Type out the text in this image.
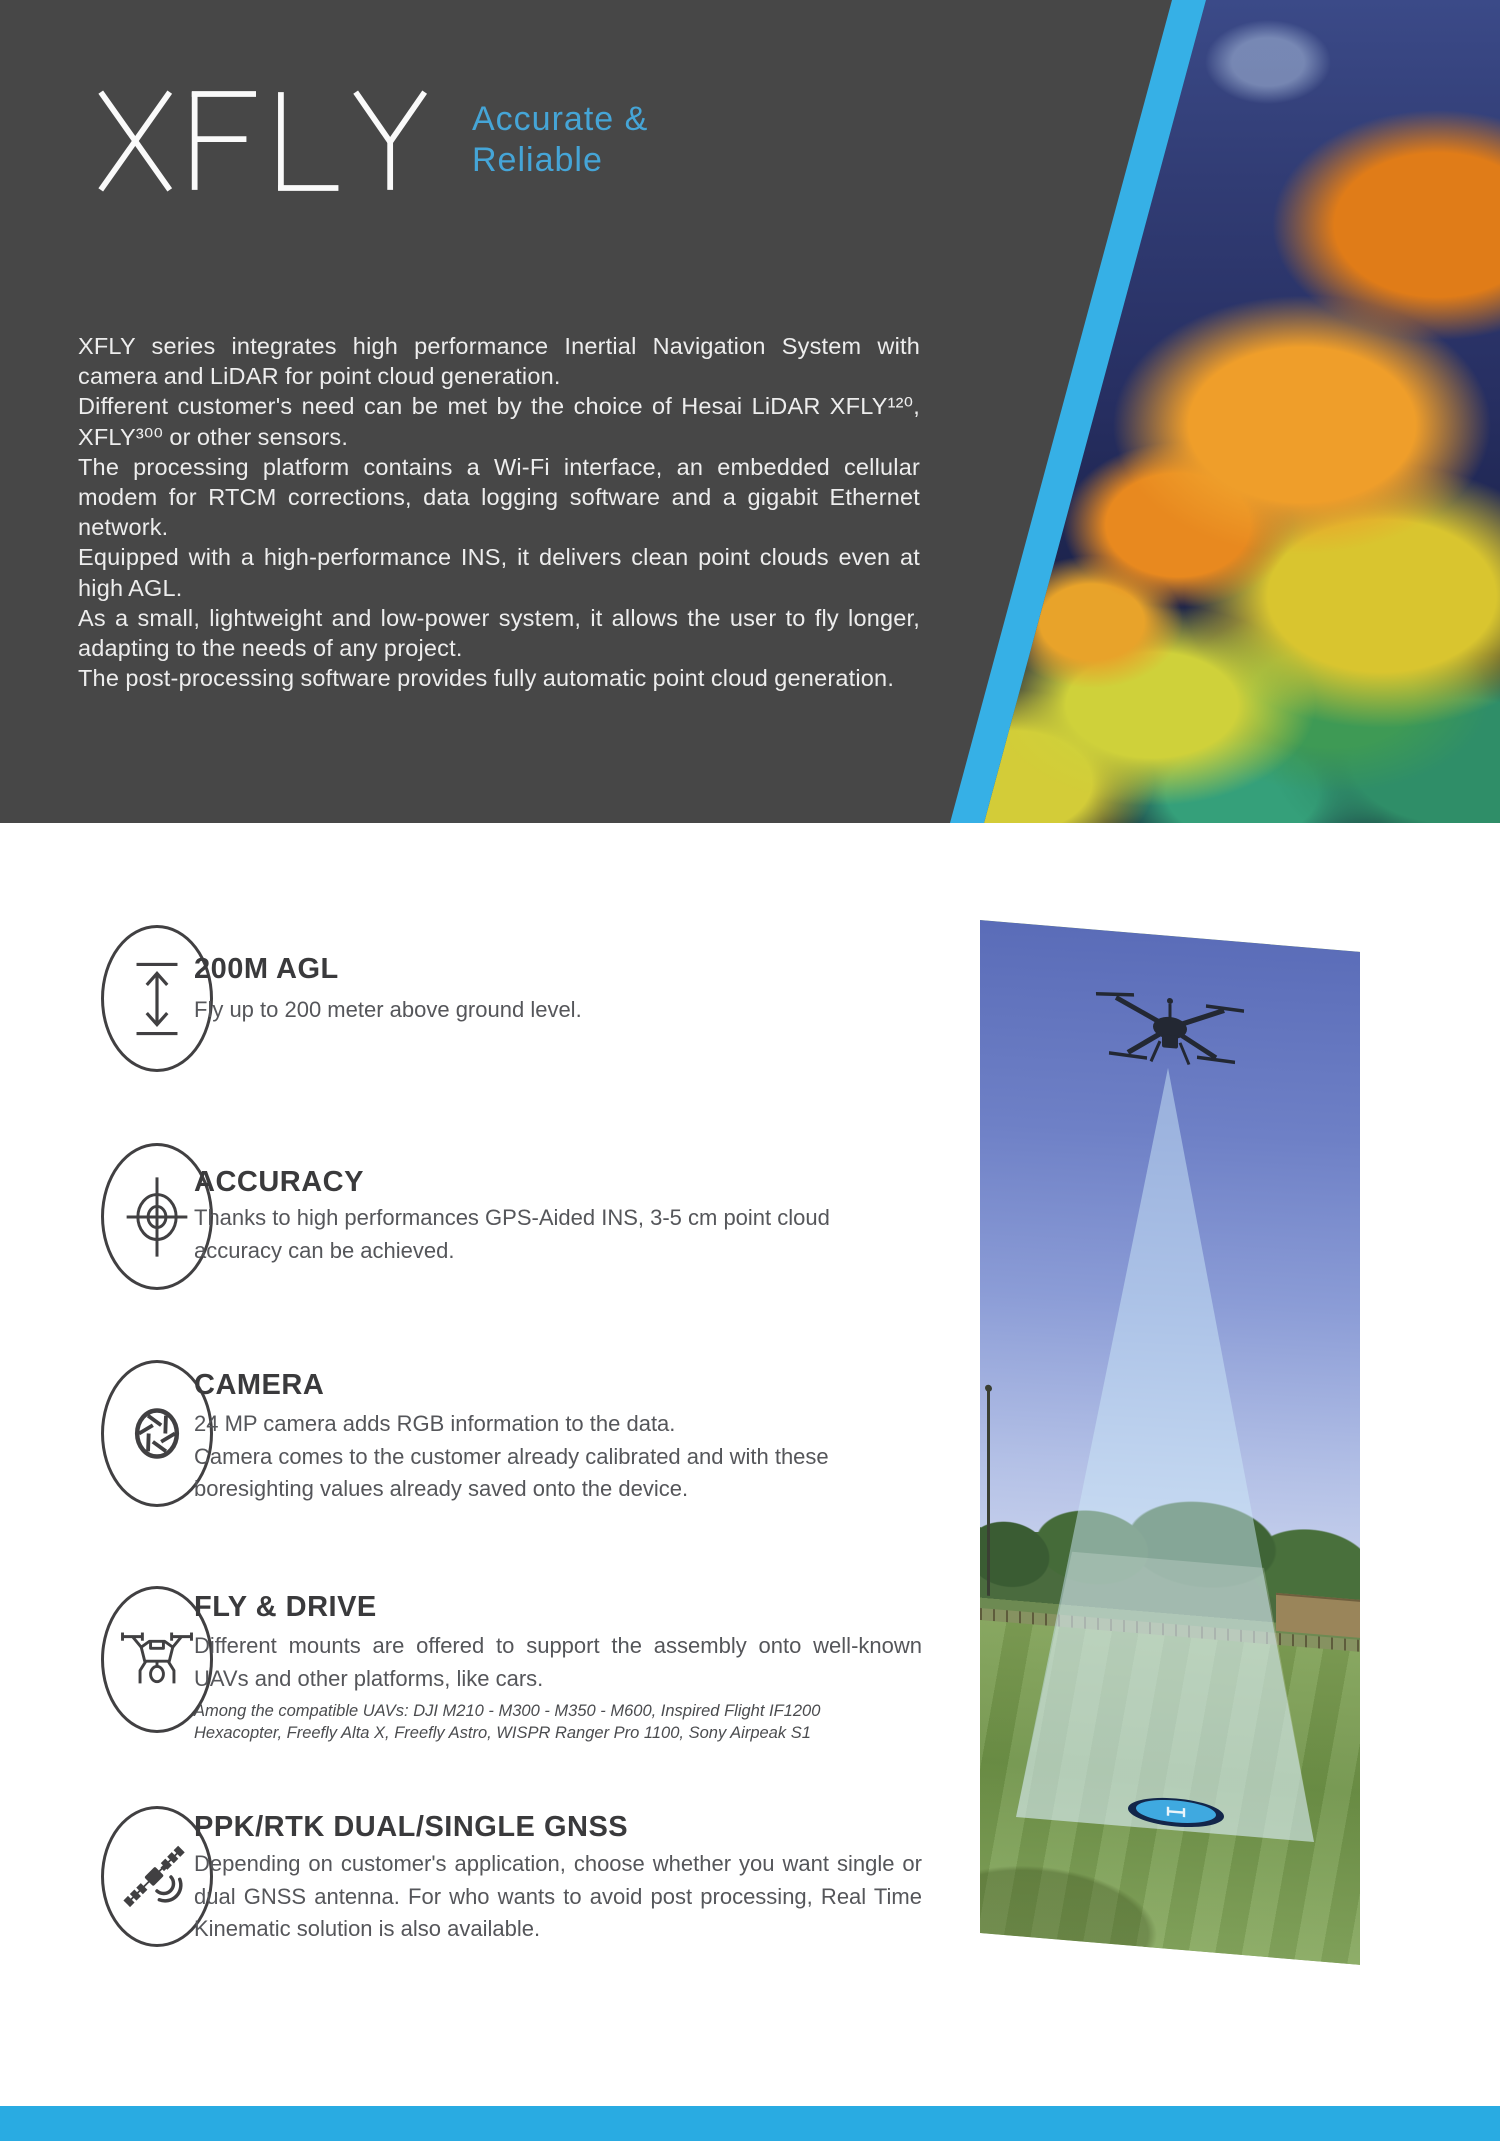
Accurate &
Reliable
XFLY series integrates high performance Inertial Navigation System with camera and LiDAR for point cloud generation.
Different customer's need can be met by the choice of Hesai LiDAR XFLY¹²⁰, XFLY³⁰⁰ or other sensors.
The processing platform contains a Wi-Fi interface, an embedded cellular modem for RTCM corrections, data logging software and a gigabit Ethernet network.
Equipped with a high-performance INS, it delivers clean point clouds even at high AGL.
As a small, lightweight and low-power system, it allows the user to fly longer, adapting to the needs of any project.
The post-processing software provides fully automatic point cloud generation.
200M AGL
Fly up to 200 meter above ground level.
ACCURACY
Thanks to high performances GPS-Aided INS, 3-5 cm point cloud accuracy can be achieved.
CAMERA
24 MP camera adds RGB information to the data.
Camera comes to the customer already calibrated and with these boresighting values already saved onto the device.
FLY & DRIVE
Different mounts are offered to support the assembly onto well-known UAVs and other platforms, like cars.
Among the compatible UAVs: DJI M210 - M300 - M350 - M600, Inspired Flight IF1200 Hexacopter, Freefly Alta X, Freefly Astro, WISPR Ranger Pro 1100, Sony Airpeak S1
PPK/RTK DUAL/SINGLE GNSS
Depending on customer's application, choose whether you want single or dual GNSS antenna. For who wants to avoid post processing, Real Time Kinematic solution is also available.
